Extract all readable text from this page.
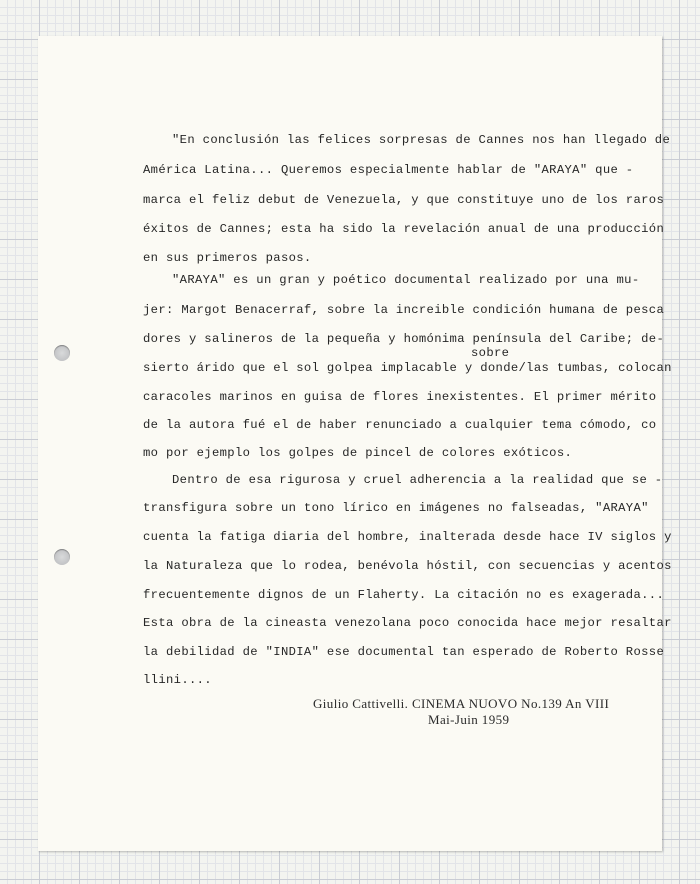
"En conclusión las felices sorpresas de Cannes nos han llegado de
América Latina... Queremos especialmente hablar de "ARAYA" que -
marca el feliz debut de Venezuela, y que constituye uno de los raros
éxitos de Cannes; esta ha sido la revelación anual de una producción
en sus primeros pasos.
"ARAYA" es un gran y poético documental realizado por una mu-
jer: Margot Benacerraf, sobre la increible condición humana de pesca
dores y salineros de la pequeña y homónima península del Caribe; de-
sobre
sierto árido que el sol golpea implacable y donde/las tumbas, colocan
caracoles marinos en guisa de flores inexistentes. El primer mérito
de la autora fué el de haber renunciado a cualquier tema cómodo, co
mo por ejemplo los golpes de pincel de colores exóticos.
Dentro de esa rigurosa y cruel adherencia a la realidad que se -
transfigura sobre un tono lírico en imágenes no falseadas, "ARAYA"
cuenta la fatiga diaria del hombre, inalterada desde hace IV siglos y
la Naturaleza que lo rodea, benévola hóstil, con secuencias y acentos
frecuentemente dignos de un Flaherty. La citación no es exagerada...
Esta obra de la cineasta venezolana poco conocida hace mejor resaltar
la debilidad de "INDIA" ese documental tan esperado de Roberto Rosse
llini....
Giulio Cattivelli. CINEMA NUOVO No.139 An VIII
Mai-Juin 1959
